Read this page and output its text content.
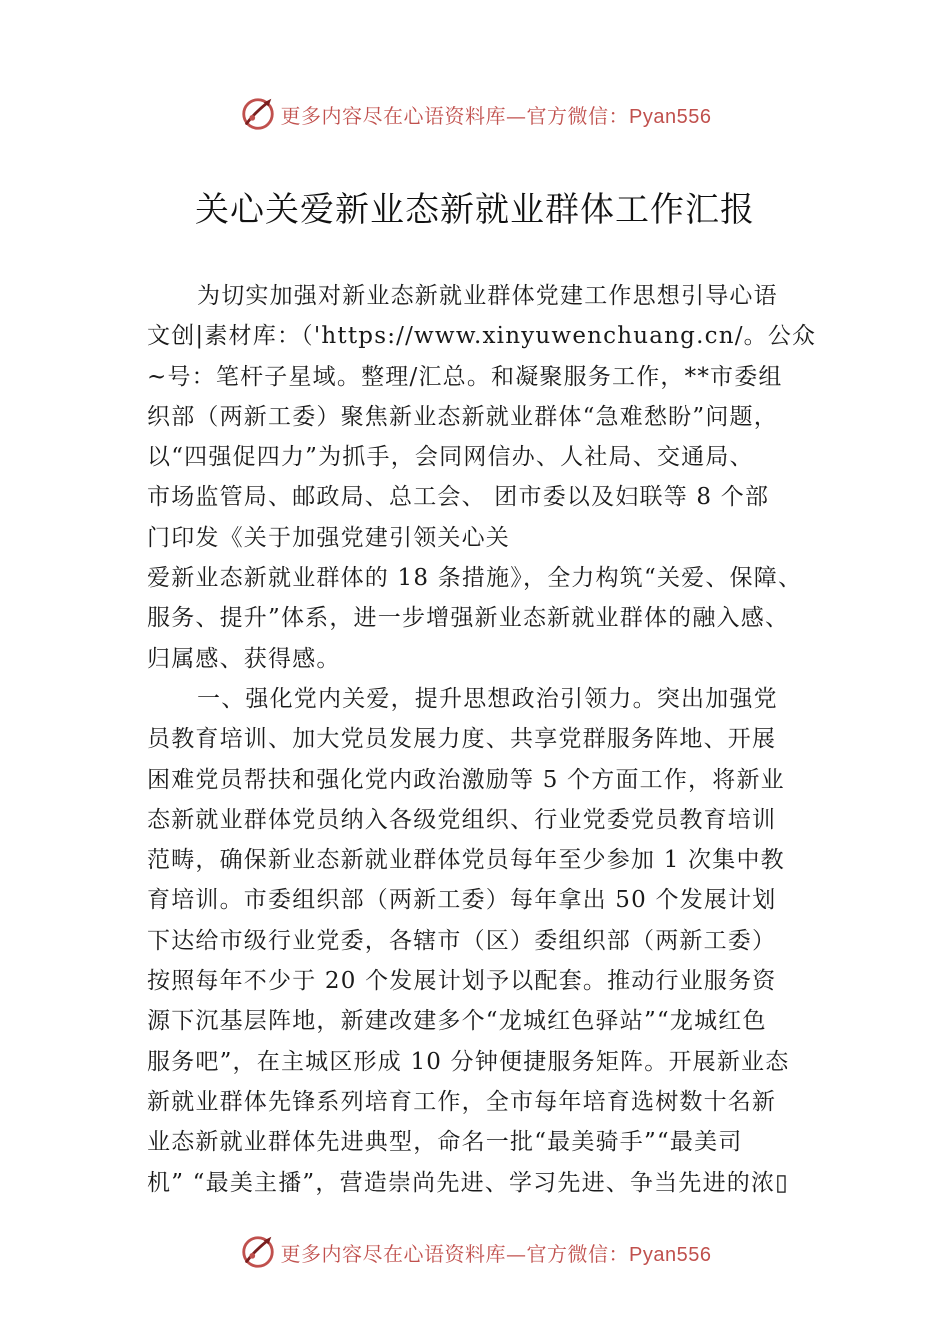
更多内容尽在心语资料库—官方微信：Pyan556
关心关爱新业态新就业群体工作汇报
为切实加强对新业态新就业群体党建工作思想引导心语
文创|素材库：（'https://www.xinyuwenchuang.cn/。公众
~号：笔杆子星域。整理/汇总。和凝聚服务工作，**市委组
织部（两新工委）聚焦新业态新就业群体“急难愁盼”问题，
以“四强促四力”为抓手，会同网信办、人社局、交通局、
市场监管局、邮政局、总工会、 团市委以及妇联等 8 个部
门印发《关于加强党建引领关心关
爱新业态新就业群体的 18 条措施》，全力构筑“关爱、保障、
服务、提升”体系，进一步增强新业态新就业群体的融入感、
归属感、获得感。
一、强化党内关爱，提升思想政治引领力。突出加强党
员教育培训、加大党员发展力度、共享党群服务阵地、开展
困难党员帮扶和强化党内政治激励等 5 个方面工作，将新业
态新就业群体党员纳入各级党组织、行业党委党员教育培训
范畴，确保新业态新就业群体党员每年至少参加 1 次集中教
育培训。市委组织部（两新工委）每年拿出 50 个发展计划
下达给市级行业党委，各辖市（区）委组织部（两新工委）
按照每年不少于 20 个发展计划予以配套。推动行业服务资
源下沉基层阵地，新建改建多个“龙城红色驿站”“龙城红色
服务吧”，在主城区形成 10 分钟便捷服务矩阵。开展新业态
新就业群体先锋系列培育工作，全市每年培育选树数十名新
业态新就业群体先进典型，命名一批“最美骑手”“最美司
机” “最美主播”，营造崇尚先进、学习先进、争当先进的浓▯
更多内容尽在心语资料库—官方微信：Pyan556
